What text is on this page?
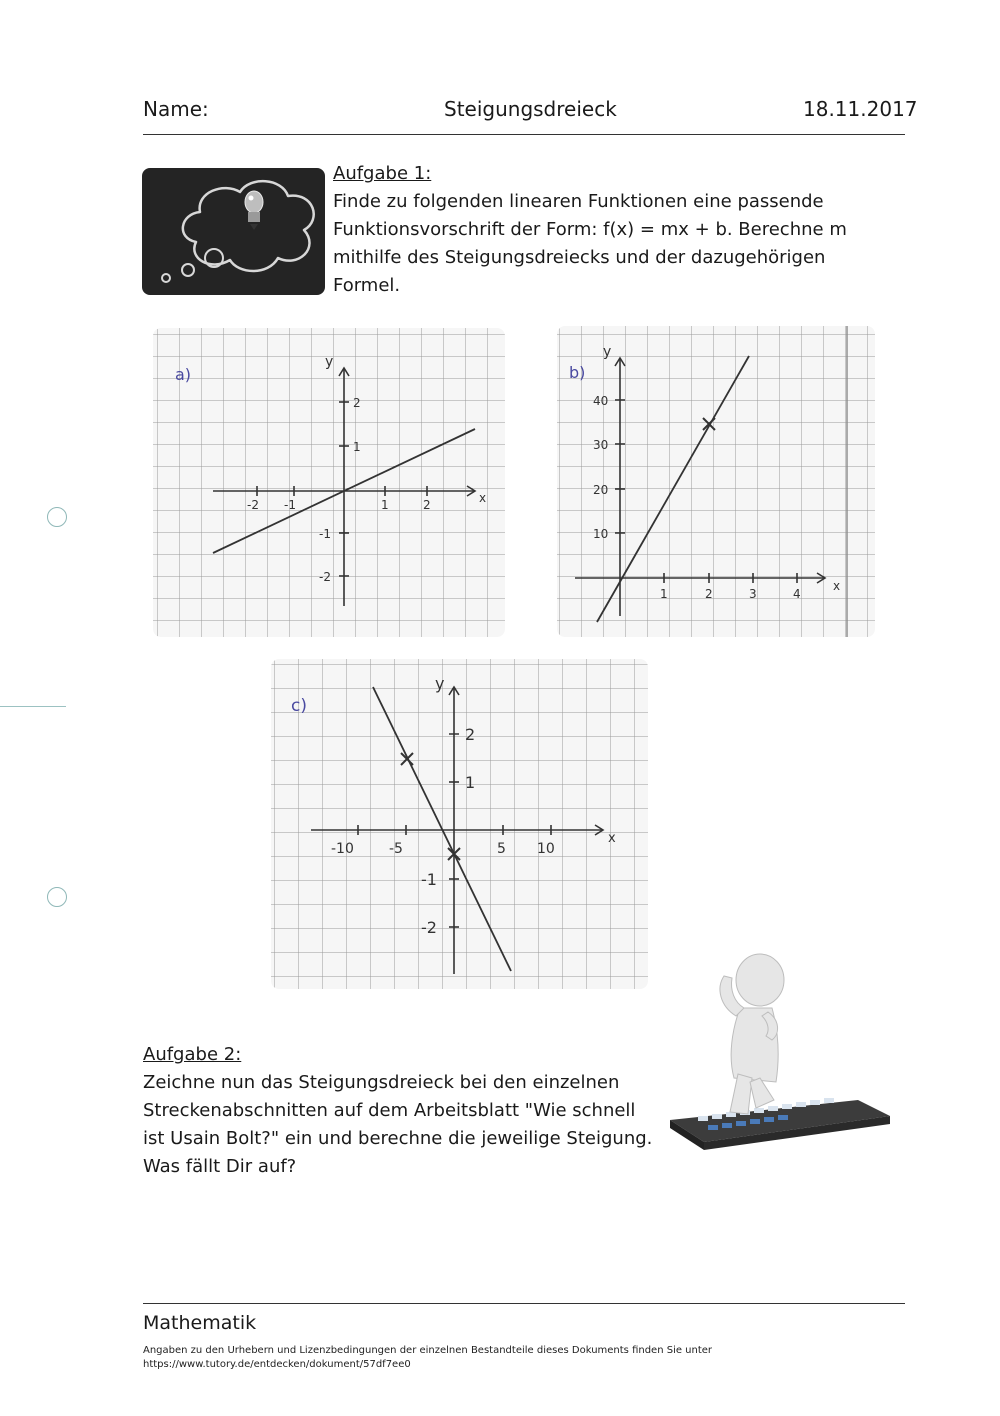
Name:	Steigungsdreieck	18.11.2017
Aufgabe 1:
Finde zu folgenden linearen Funktionen eine passende Funktionsvorschrift der Form: f(x) = mx + b. Berechne m mithilfe des Steigungsdreiecks und der dazugehörigen Formel.
a)
x
y
-2 -1	1	2
2
1
-1
-2
b)
x
y
1	2	3	4
40
30
20
10
c)
x
y
-10	-5	5 10
2
1
-1
-2
Aufgabe 2:
Zeichne nun das Steigungsdreieck bei den einzelnen Streckenabschnitten auf dem Arbeitsblatt "Wie schnell ist Usain Bolt?" ein und berechne die jeweilige Steigung. Was fällt Dir auf?
Mathematik
Angaben zu den Urhebern und Lizenzbedingungen der einzelnen Bestandteile dieses Dokuments finden Sie unter
https://www.tutory.de/entdecken/dokument/57df7ee0
